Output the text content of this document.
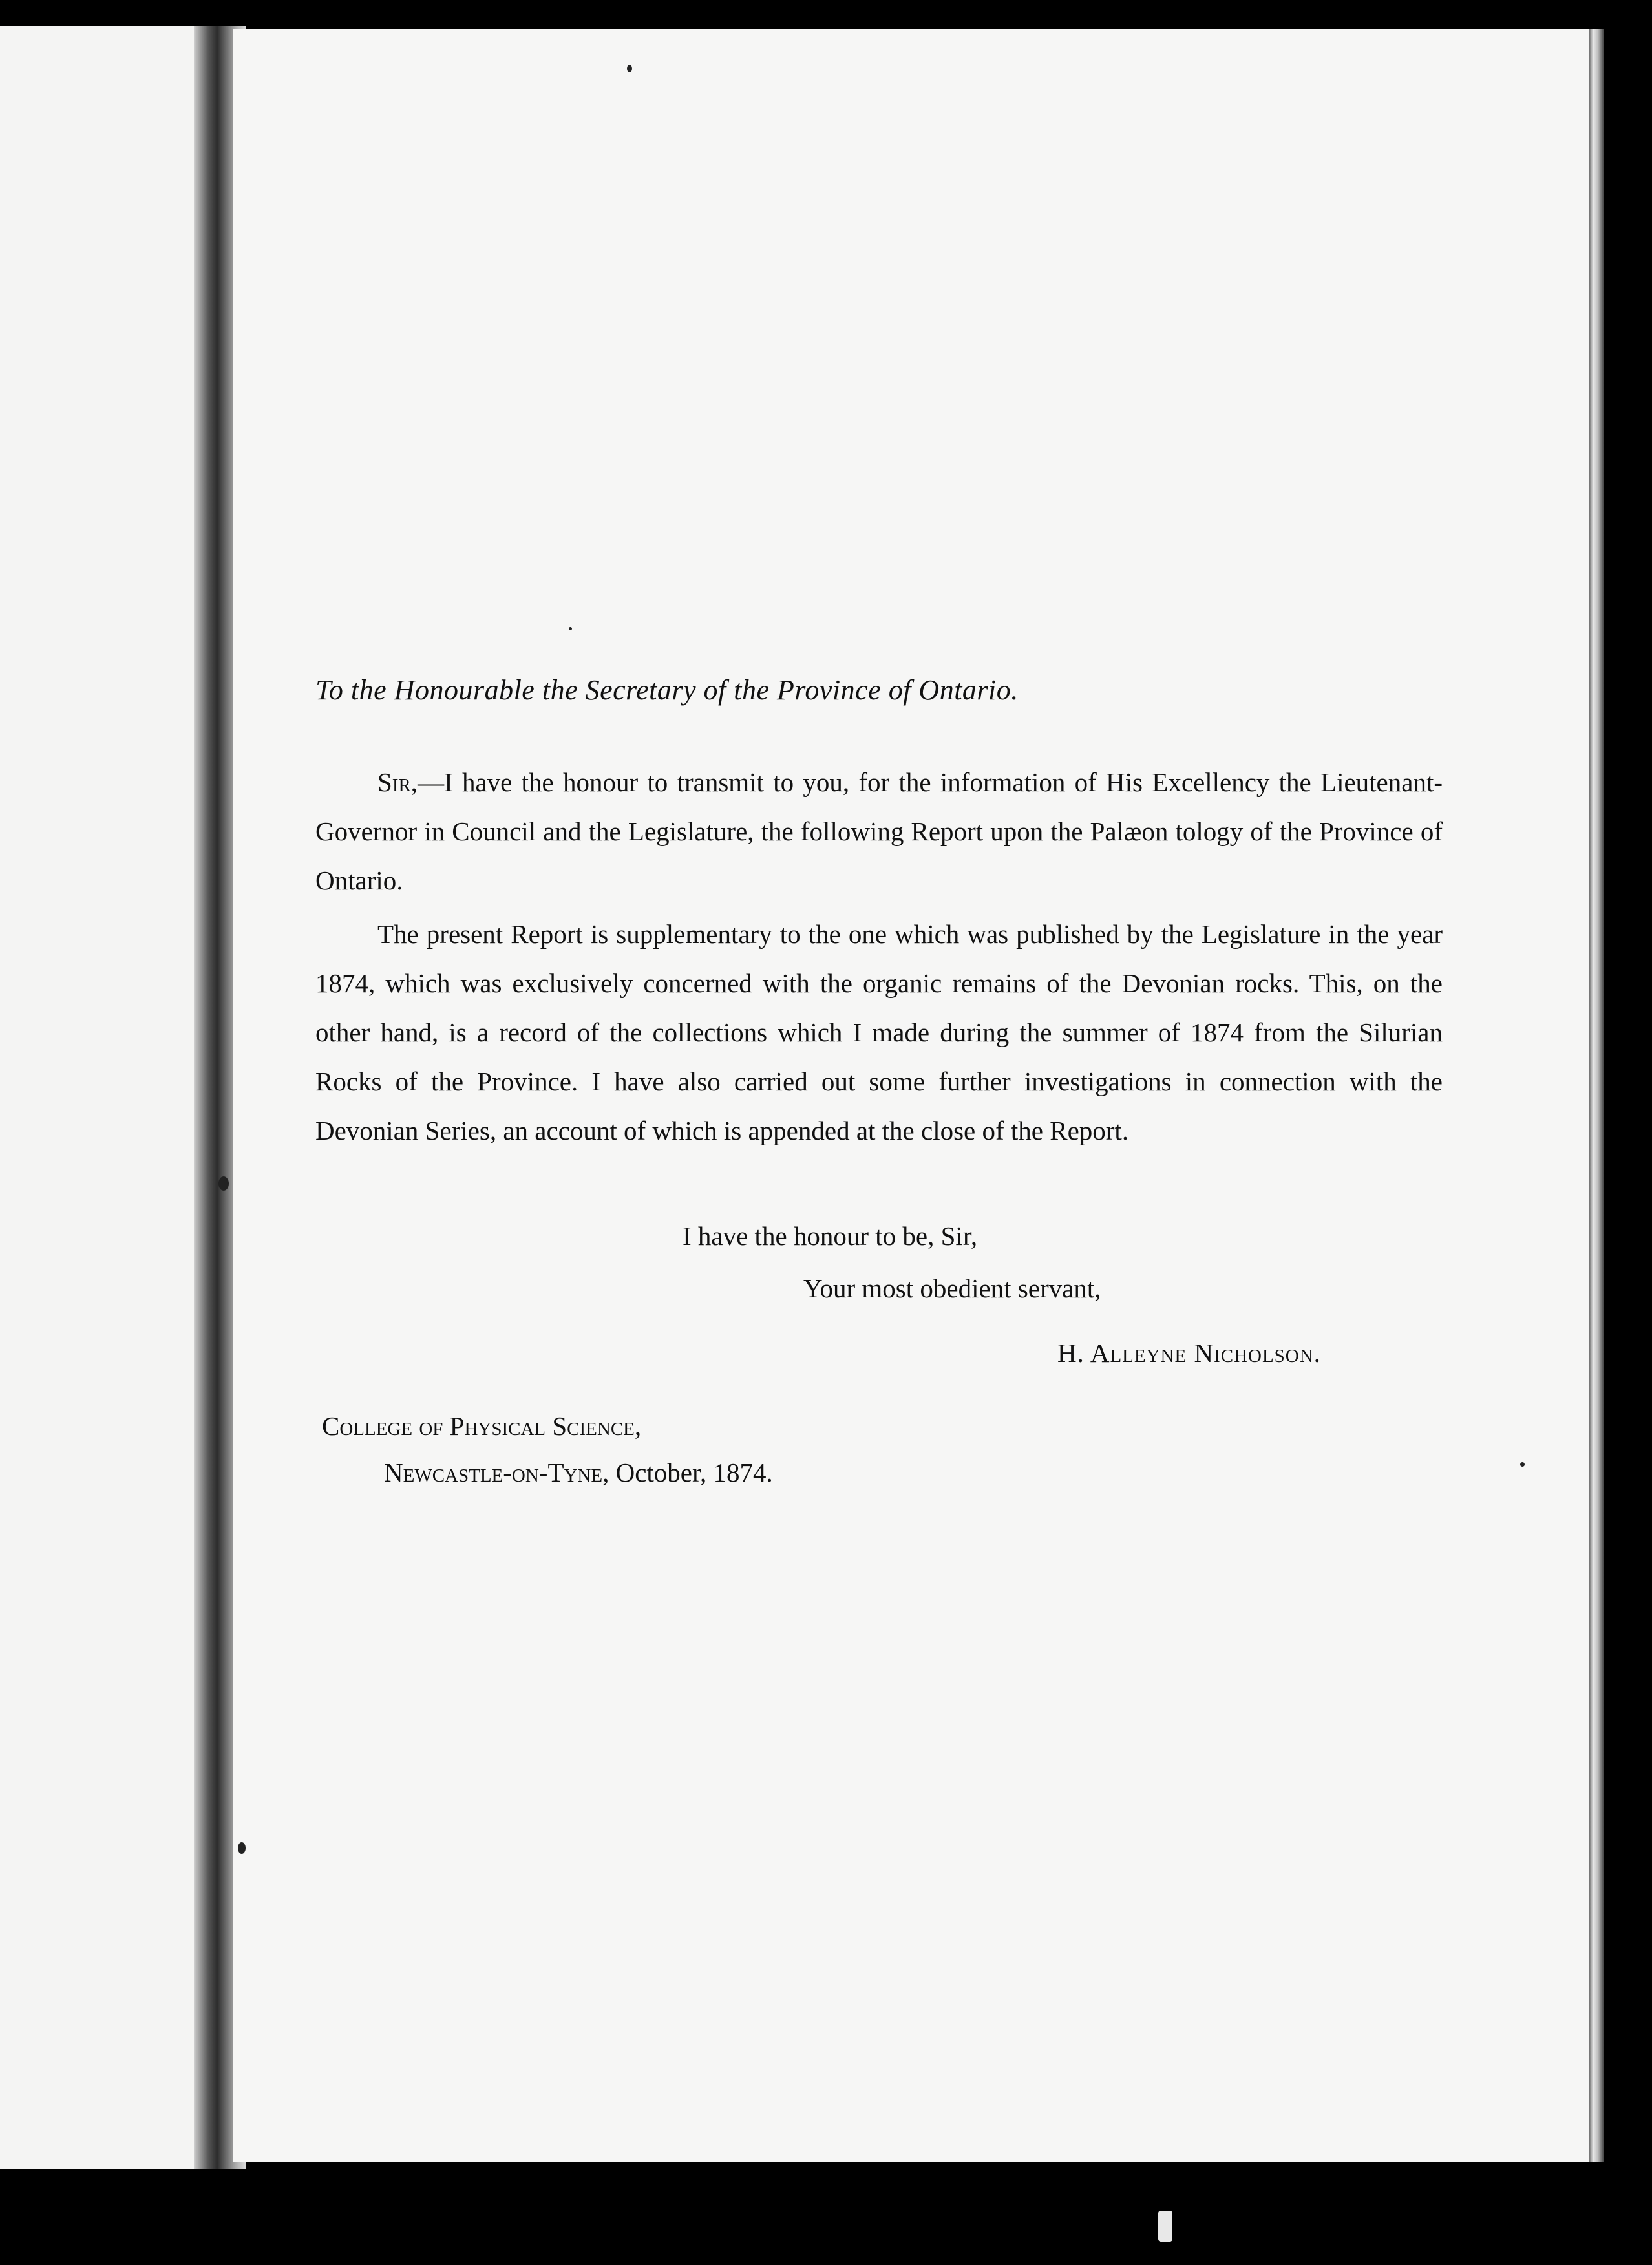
To the Honourable the Secretary of the Province of Ontario.
Sir,—I have the honour to transmit to you, for the information of His Excellency the Lieutenant-Governor in Council and the Legislature, the following Report upon the Palæon tology of the Province of Ontario.
The present Report is supplementary to the one which was published by the Legislature in the year 1874, which was exclusively concerned with the organic remains of the Devonian rocks. This, on the other hand, is a record of the collections which I made during the summer of 1874 from the Silurian Rocks of the Province. I have also carried out some further investigations in connection with the Devonian Series, an account of which is appended at the close of the Report.
I have the honour to be, Sir,
Your most obedient servant,
H. Alleyne Nicholson.
College of Physical Science,
Newcastle-on-Tyne, October, 1874.
